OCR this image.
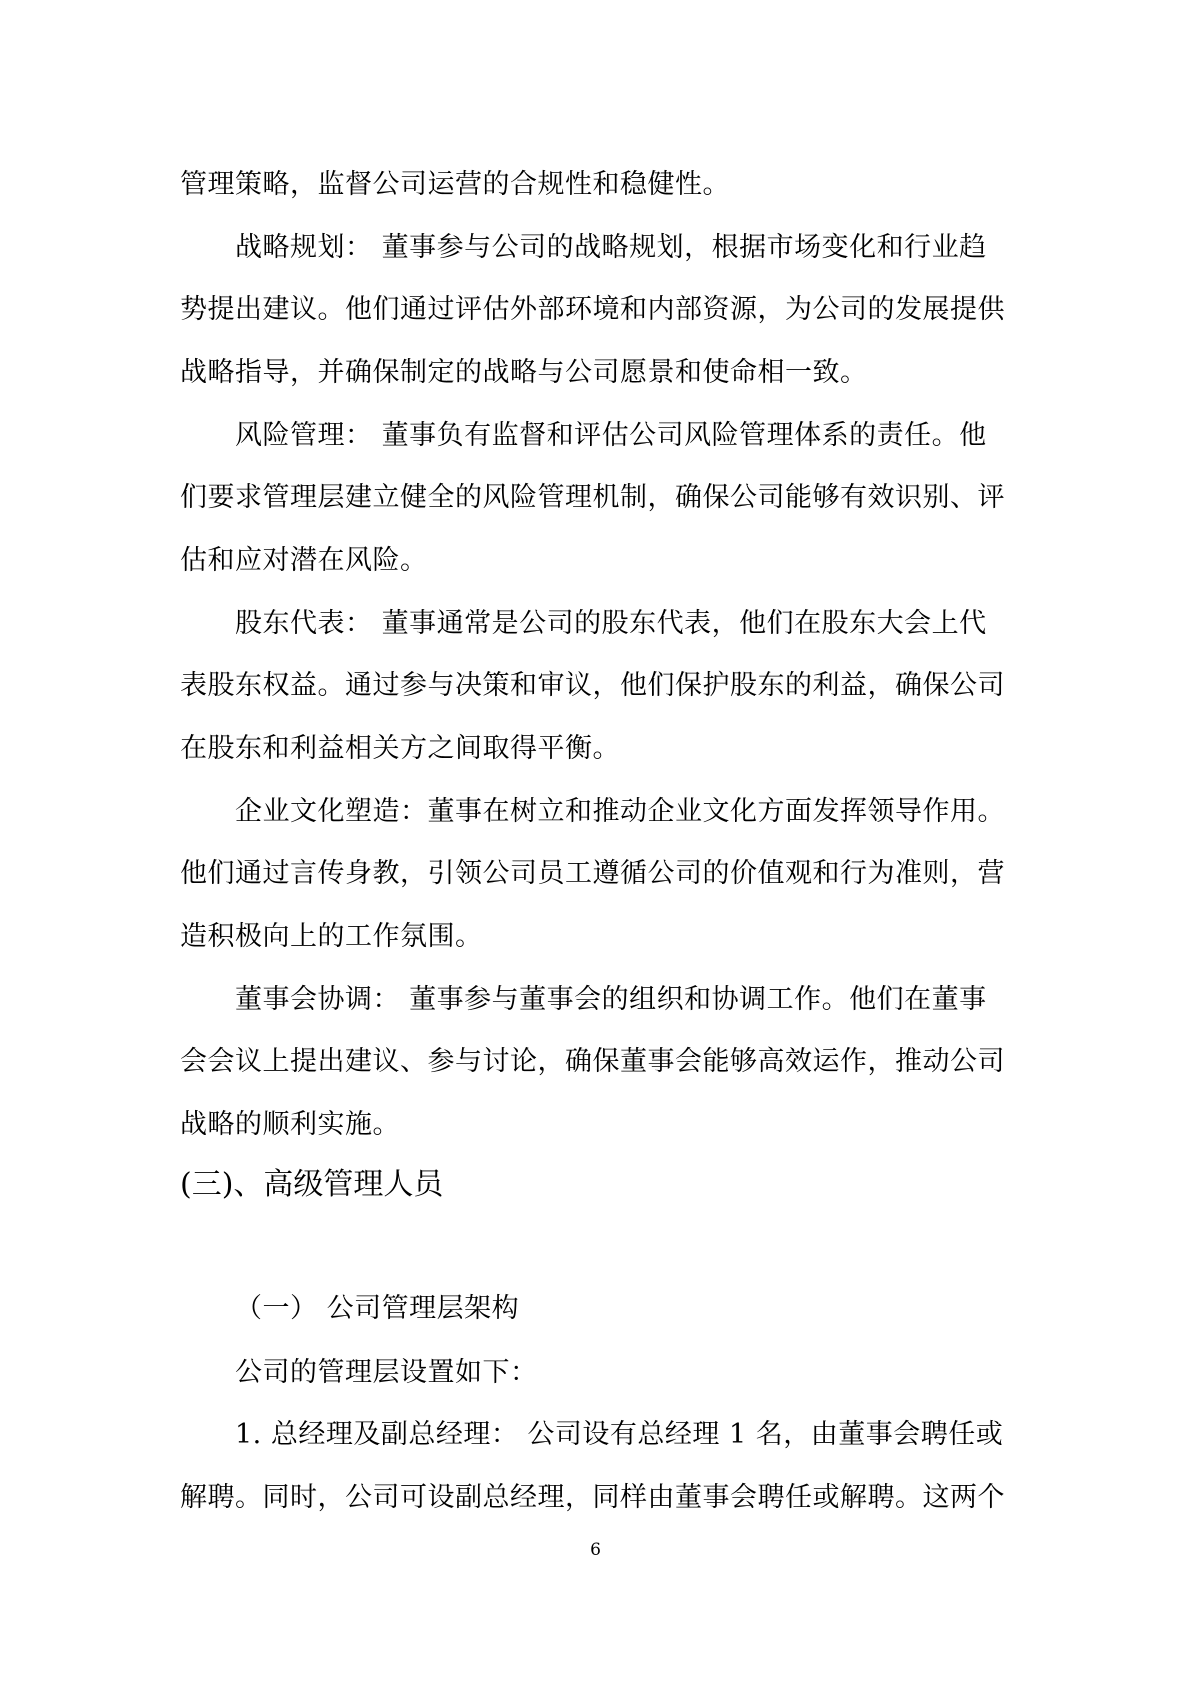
管理策略，监督公司运营的合规性和稳健性。

战略规划： 董事参与公司的战略规划，根据市场变化和行业趋

势提出建议。他们通过评估外部环境和内部资源，为公司的发展提供

战略指导，并确保制定的战略与公司愿景和使命相一致。

风险管理： 董事负有监督和评估公司风险管理体系的责任。他

们要求管理层建立健全的风险管理机制，确保公司能够有效识别、评

估和应对潜在风险。

股东代表： 董事通常是公司的股东代表，他们在股东大会上代

表股东权益。通过参与决策和审议，他们保护股东的利益，确保公司

在股东和利益相关方之间取得平衡。

企业文化塑造：董事在树立和推动企业文化方面发挥领导作用。

他们通过言传身教，引领公司员工遵循公司的价值观和行为准则，营

造积极向上的工作氛围。

董事会协调： 董事参与董事会的组织和协调工作。他们在董事

会会议上提出建议、参与讨论，确保董事会能够高效运作，推动公司

战略的顺利实施。

(三)、高级管理人员

（一） 公司管理层架构

公司的管理层设置如下：

1. 总经理及副总经理： 公司设有总经理 1 名，由董事会聘任或

解聘。同时，公司可设副总经理，同样由董事会聘任或解聘。这两个

6
